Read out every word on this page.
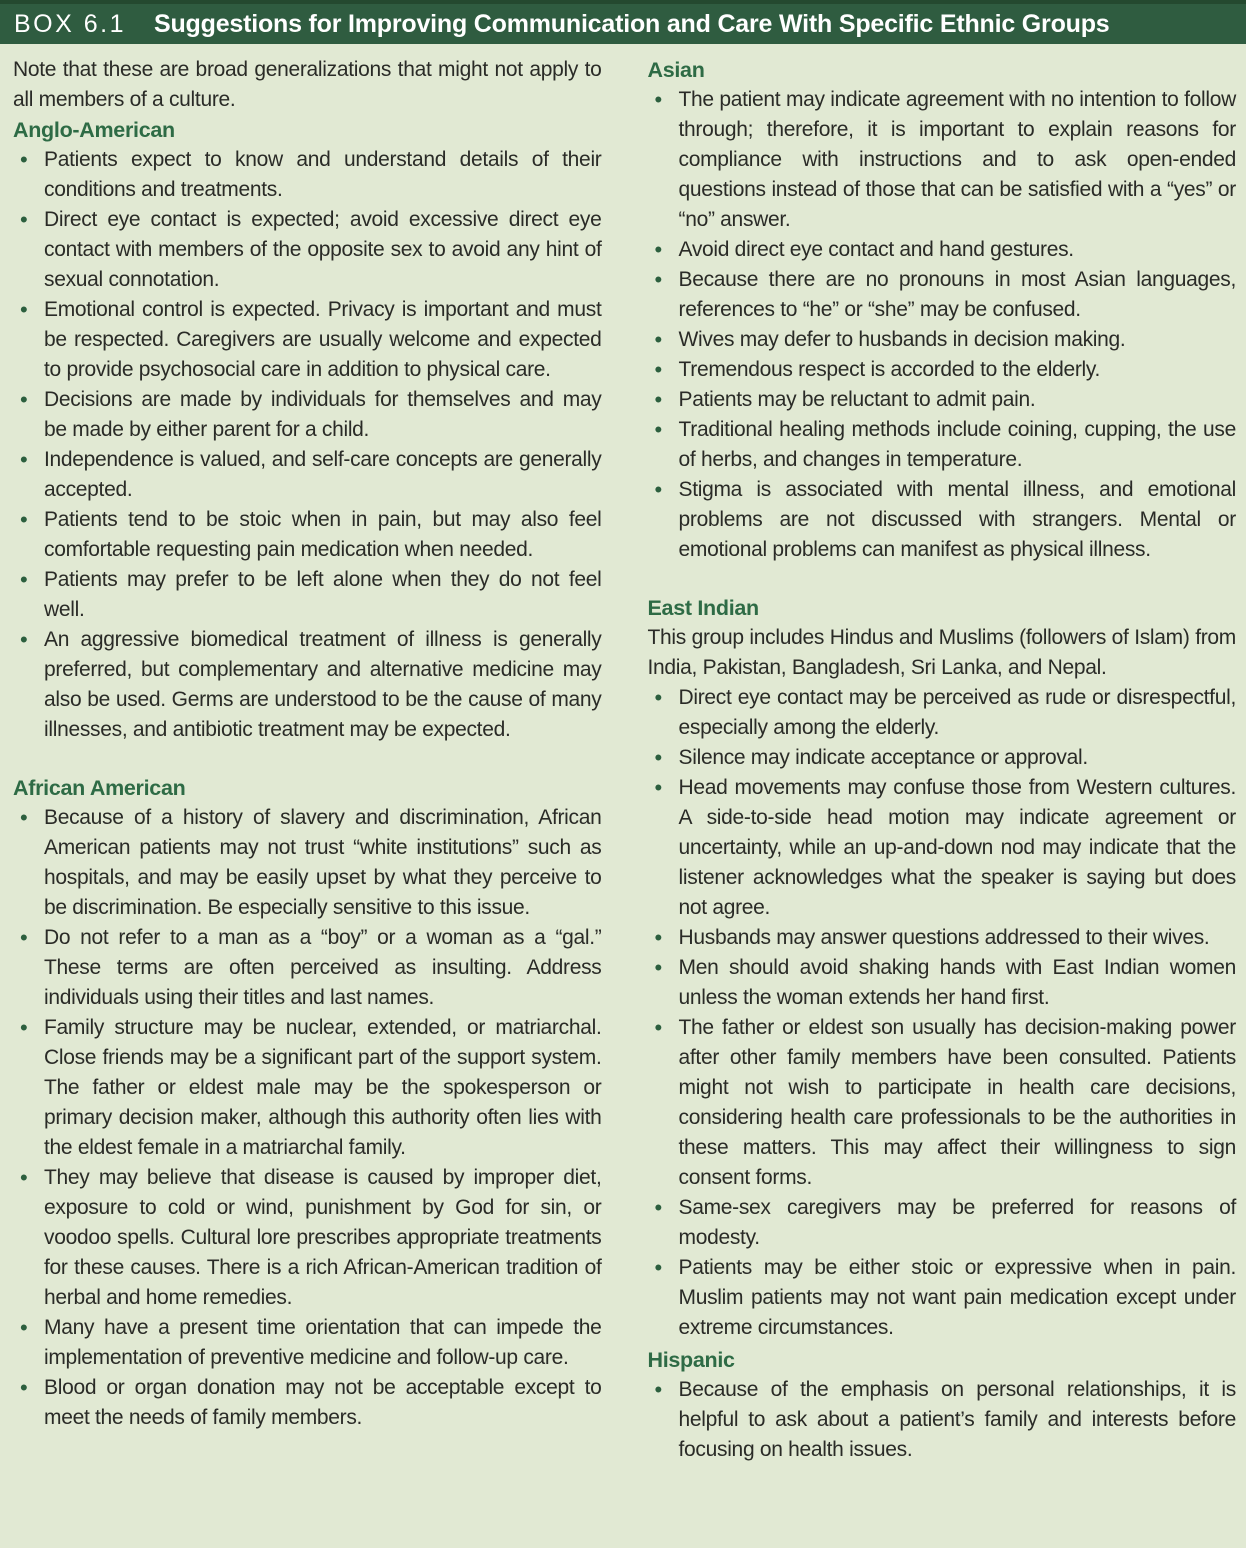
BOX 6.1 Suggestions for Improving Communication and Care With Specific Ethnic Groups

Note that these are broad generalizations that might not apply to all members of a culture.

Anglo-American
• Patients expect to know and understand details of their conditions and treatments.
• Direct eye contact is expected; avoid excessive direct eye contact with members of the opposite sex to avoid any hint of sexual connotation.
• Emotional control is expected. Privacy is important and must be respected. Caregivers are usually welcome and expected to provide psychosocial care in addition to physical care.
• Decisions are made by individuals for themselves and may be made by either parent for a child.
• Independence is valued, and self-care concepts are generally accepted.
• Patients tend to be stoic when in pain, but may also feel comfortable requesting pain medication when needed.
• Patients may prefer to be left alone when they do not feel well.
• An aggressive biomedical treatment of illness is generally preferred, but complementary and alternative medicine may also be used. Germs are understood to be the cause of many illnesses, and antibiotic treatment may be expected.
African American
• Because of a history of slavery and discrimination, African American patients may not trust “white institutions” such as hospitals, and may be easily upset by what they perceive to be discrimination. Be especially sensitive to this issue.
• Do not refer to a man as a “boy” or a woman as a “gal.” These terms are often perceived as insulting. Address individuals using their titles and last names.
• Family structure may be nuclear, extended, or matriarchal. Close friends may be a significant part of the support system. The father or eldest male may be the spokesperson or primary decision maker, although this authority often lies with the eldest female in a matriarchal family.
• They may believe that disease is caused by improper diet, exposure to cold or wind, punishment by God for sin, or voodoo spells. Cultural lore prescribes appropriate treatments for these causes. There is a rich African-American tradition of herbal and home remedies.
• Many have a present time orientation that can impede the implementation of preventive medicine and follow-up care.
• Blood or organ donation may not be acceptable except to meet the needs of family members.
Asian
• The patient may indicate agreement with no intention to follow through; therefore, it is important to explain reasons for compliance with instructions and to ask open-ended questions instead of those that can be satisfied with a “yes” or “no” answer.
• Avoid direct eye contact and hand gestures.
• Because there are no pronouns in most Asian languages, references to “he” or “she” may be confused.
• Wives may defer to husbands in decision making.
• Tremendous respect is accorded to the elderly.
• Patients may be reluctant to admit pain.
• Traditional healing methods include coining, cupping, the use of herbs, and changes in temperature.
• Stigma is associated with mental illness, and emotional problems are not discussed with strangers. Mental or emotional problems can manifest as physical illness.
East Indian

This group includes Hindus and Muslims (followers of Islam) from India, Pakistan, Bangladesh, Sri Lanka, and Nepal.

• Direct eye contact may be perceived as rude or disrespectful, especially among the elderly.
• Silence may indicate acceptance or approval.
• Head movements may confuse those from Western cultures. A side-to-side head motion may indicate agreement or uncertainty, while an up-and-down nod may indicate that the listener acknowledges what the speaker is saying but does not agree.
• Husbands may answer questions addressed to their wives.
• Men should avoid shaking hands with East Indian women unless the woman extends her hand first.
• The father or eldest son usually has decision-making power after other family members have been consulted. Patients might not wish to participate in health care decisions, considering health care professionals to be the authorities in these matters. This may affect their willingness to sign consent forms.
• Same-sex caregivers may be preferred for reasons of modesty.
• Patients may be either stoic or expressive when in pain. Muslim patients may not want pain medication except under extreme circumstances.
Hispanic
• Because of the emphasis on personal relationships, it is helpful to ask about a patient’s family and interests before focusing on health issues.
